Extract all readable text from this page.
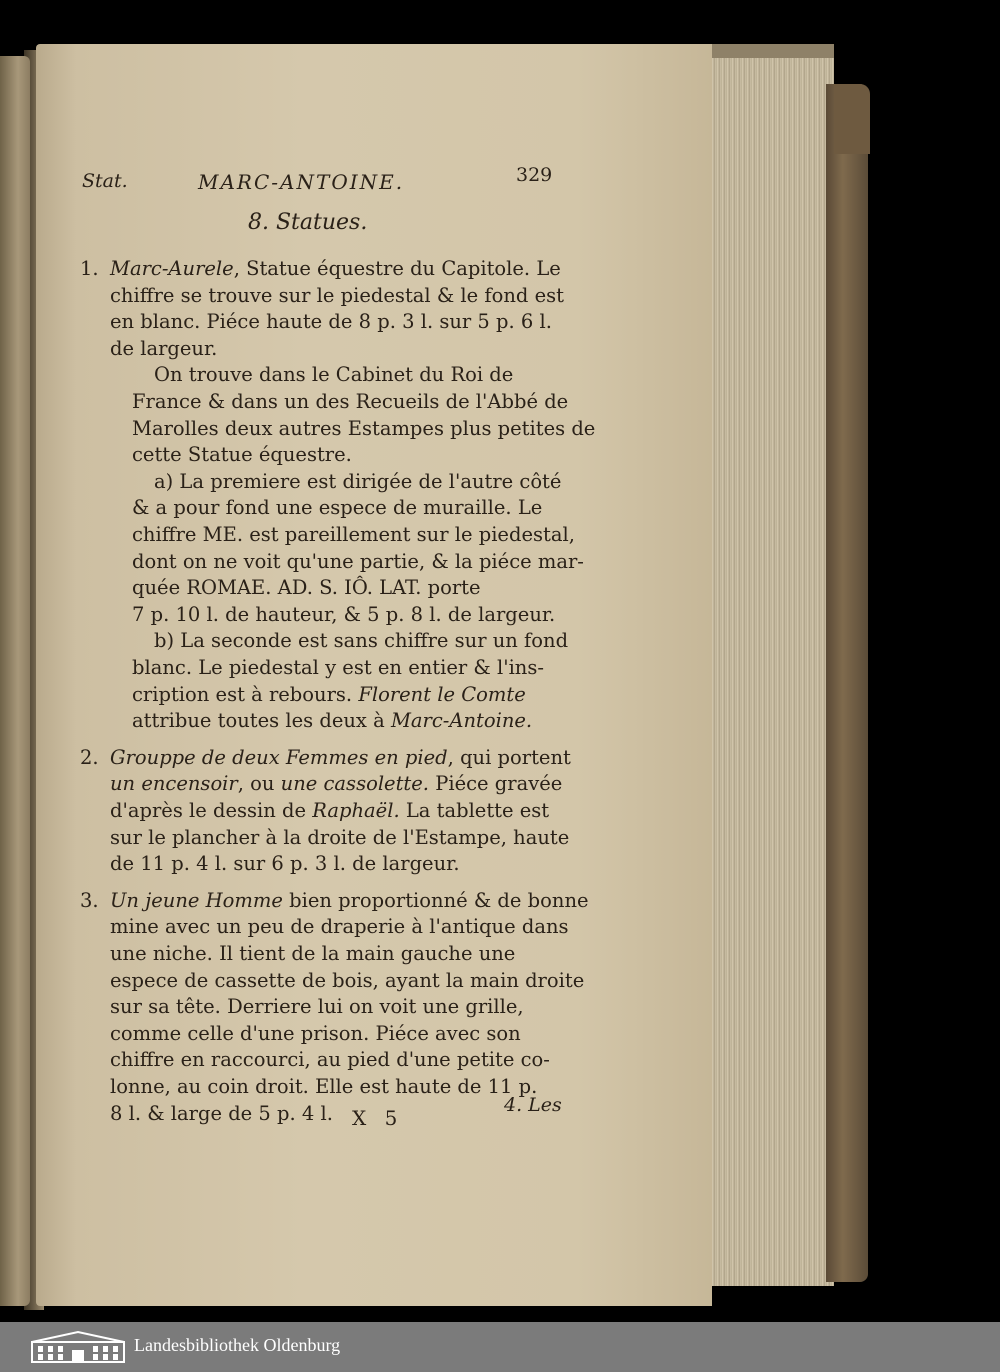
Stat.	MARC-ANTOINE.	329
8. Statues.
1. Marc-Aurele, Statue équestre du Capitole. Le
chiffre se trouve sur le piedestal & le fond est
en blanc. Piéce haute de 8 p. 3 l. sur 5 p. 6 l.
de largeur.
On trouve dans le Cabinet du Roi de
France & dans un des Recueils de l'Abbé de
Marolles deux autres Estampes plus petites de
cette Statue équestre.
a) La premiere est dirigée de l'autre côté
& a pour fond une espece de muraille. Le
chiffre ME. est pareillement sur le piedestal,
dont on ne voit qu'une partie, & la piéce mar-
quée ROMAE. AD. S. IÔ. LAT. porte
7 p. 10 l. de hauteur, & 5 p. 8 l. de largeur.
b) La seconde est sans chiffre sur un fond
blanc. Le piedestal y est en entier & l'ins-
cription est à rebours. Florent le Comte
attribue toutes les deux à Marc-Antoine.
2. Grouppe de deux Femmes en pied, qui portent
un encensoir, ou une cassolette. Piéce gravée
d'après le dessin de Raphaël. La tablette est
sur le plancher à la droite de l'Estampe, haute
de 11 p. 4 l. sur 6 p. 3 l. de largeur.
3. Un jeune Homme bien proportionné & de bonne
mine avec un peu de draperie à l'antique dans
une niche. Il tient de la main gauche une
espece de cassette de bois, ayant la main droite
sur sa tête. Derriere lui on voit une grille,
comme celle d'une prison. Piéce avec son
chiffre en raccourci, au pied d'une petite co-
lonne, au coin droit. Elle est haute de 11 p.
8 l. & large de 5 p. 4 l. X 5
4. Les
Landesbibliothek Oldenburg
